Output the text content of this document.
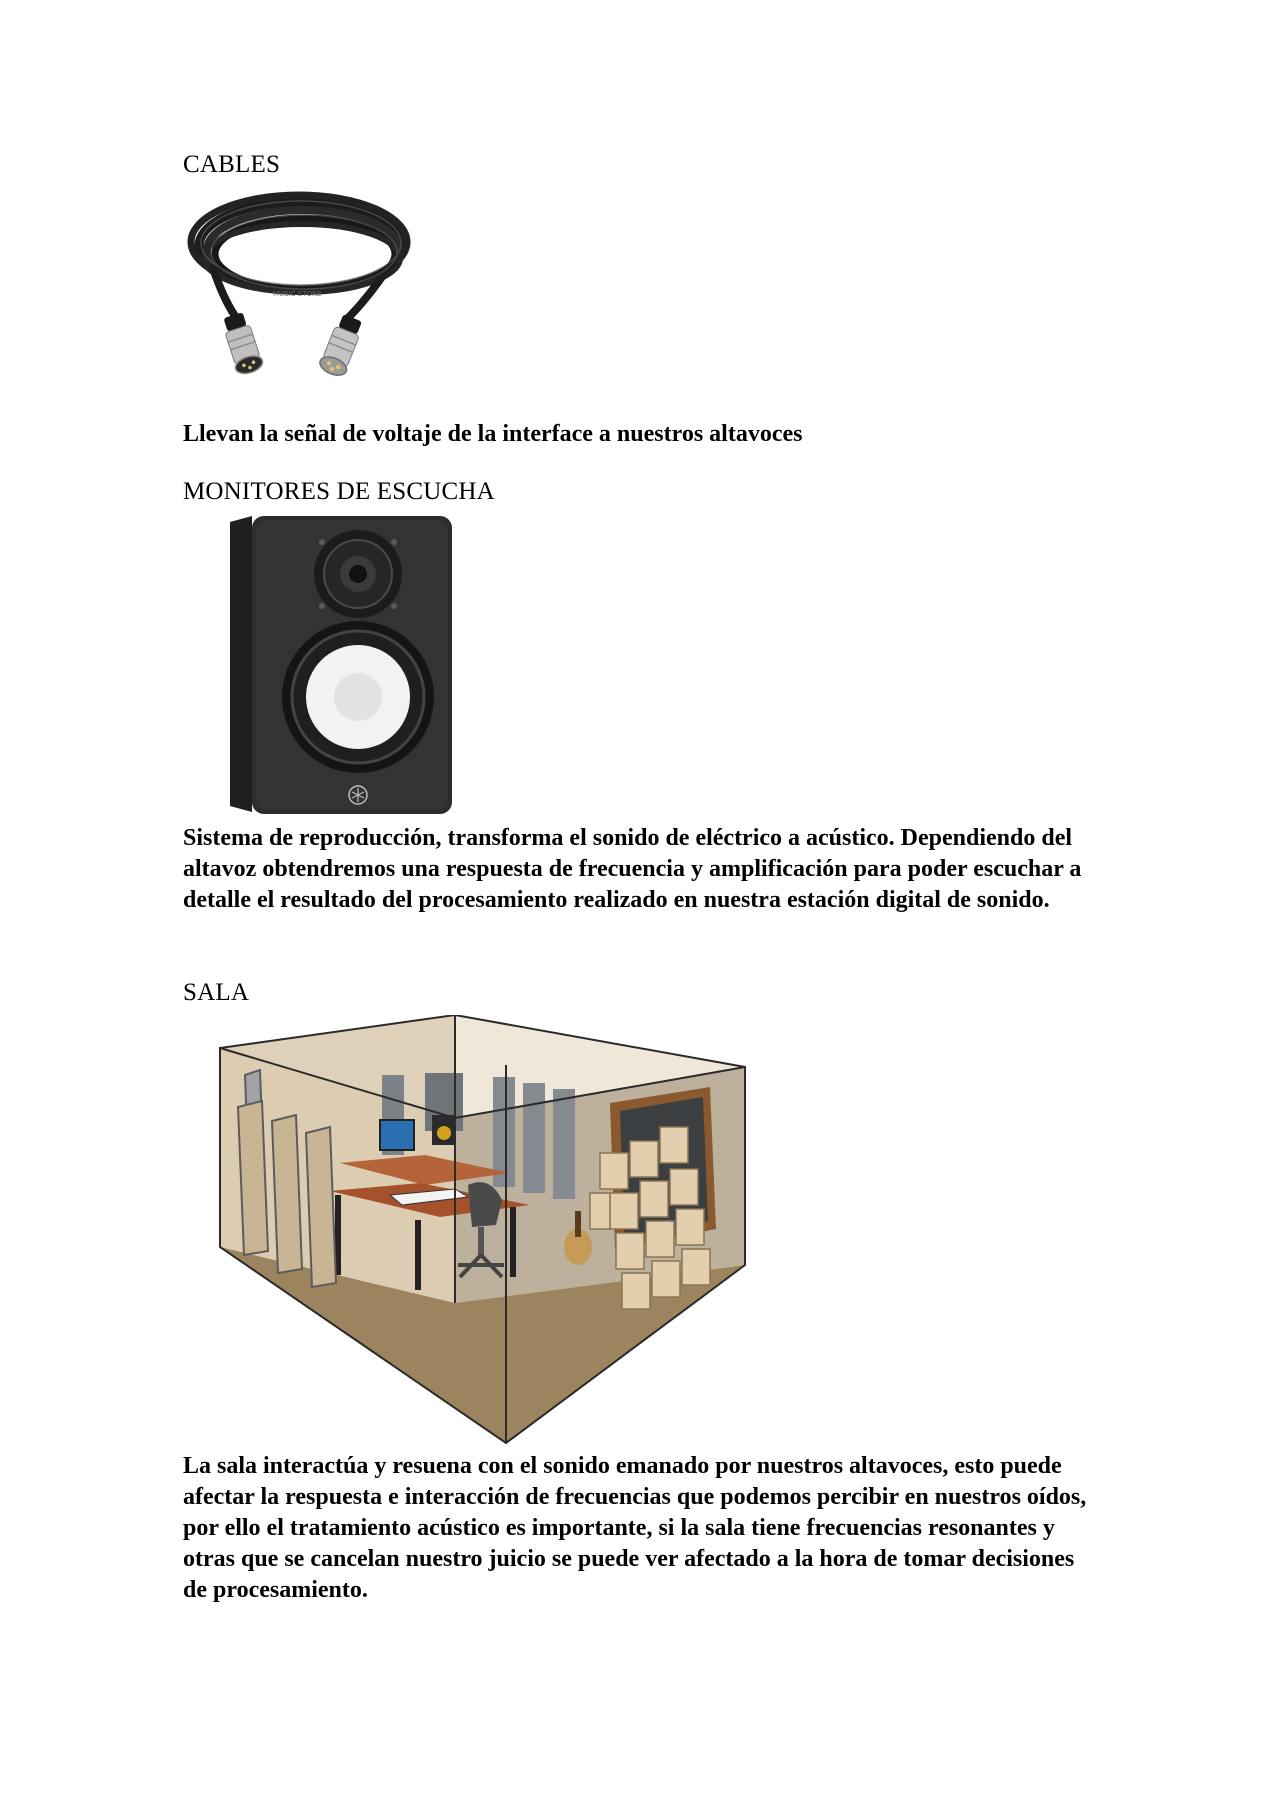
CABLES
MUSIC STORE

Llevan la señal de voltaje de la interface a nuestros altavoces

MONITORES DE ESCUCHA

Sistema de reproducción, transforma el sonido de eléctrico a acústico. Dependiendo del altavoz obtendremos una respuesta de frecuencia y amplificación para poder escuchar a detalle el resultado del procesamiento realizado en nuestra estación digital de sonido.

SALA

La sala interactúa y resuena con el sonido emanado por nuestros altavoces, esto puede afectar la respuesta e interacción de frecuencias que podemos percibir en nuestros oídos, por ello el tratamiento acústico es importante, si la sala tiene frecuencias resonantes y otras que se cancelan nuestro juicio se puede ver afectado a la hora de tomar decisiones de procesamiento.
